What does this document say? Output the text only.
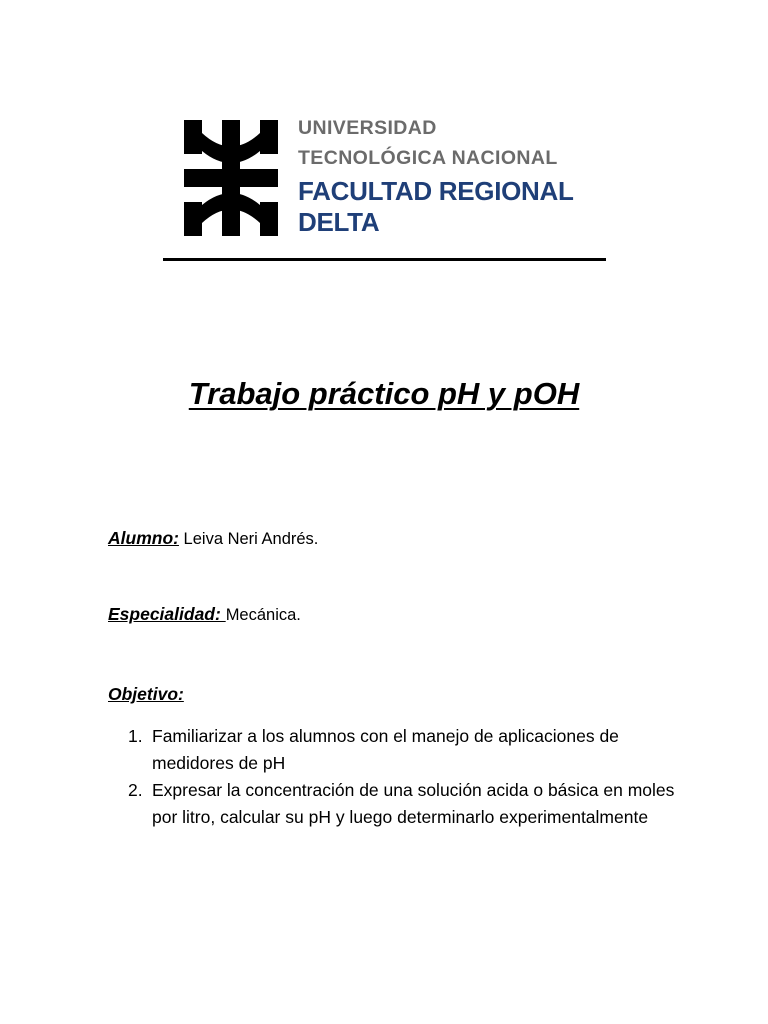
UNIVERSIDAD
TECNOLÓGICA NACIONAL
FACULTAD REGIONAL
DELTA
Trabajo práctico pH y pOH
Alumno: Leiva Neri Andrés.
Especialidad: Mecánica.
Objetivo:
1. Familiarizar a los alumnos con el manejo de aplicaciones de medidores de pH
2. Expresar la concentración de una solución acida o básica en moles por litro, calcular su pH y luego determinarlo experimentalmente
